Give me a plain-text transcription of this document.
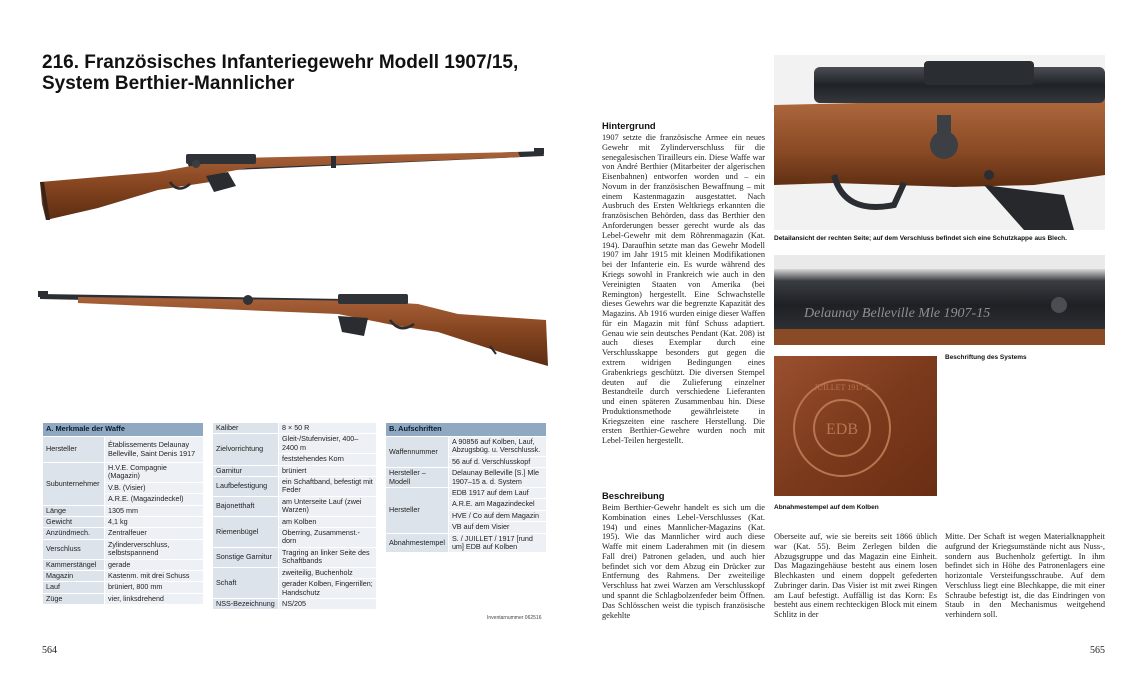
216. Französisches Infanteriegewehr Modell 1907/15, System Berthier-Mannlicher
A. Merkmale der Waffe	
Hersteller	Établissements Delaunay Belleville, Saint Denis 1917
Subunternehmer	H.V.E. Compagnie (Magazin)
	V.B. (Visier)
	A.R.E. (Magazindeckel)
Länge	1305 mm
Gewicht	4,1 kg
Anzündmech.	Zentralfeuer
Verschluss	Zylinderverschluss, selbstspannend
Kammerstängel	gerade
Magazin	Kastenm. mit drei Schuss
Lauf	brüniert, 800 mm
Züge	vier, linksdrehend
Kaliber	8 × 50 R
Zielvorrichtung	Gleit-/Stufenvisier, 400–2400 m
	feststehendes Korn
Garnitur	brüniert
Laufbefestigung	ein Schaftband, befestigt mit Feder
Bajonetthaft	am Unterseite Lauf (zwei Warzen)
Riemenbügel	am Kolben
	Oberring, Zusammenst.-dorn
Sonstige Garnitur	Tragring an linker Seite des Schaftbands
Schaft	zweiteilig, Buchenholz
	gerader Kolben, Fingerrillen; Handschutz
NSS-Bezeichnung	NS/205
B. Aufschriften	
Waffennummer	A 90856 auf Kolben, Lauf, Abzugsbüg. u. Verschlussk.
	56 auf d. Verschlusskopf
Hersteller – Modell	Delaunay Belleville [S.] Mle 1907–15 a. d. System
Hersteller	EDB 1917 auf dem Lauf
	A.R.E. am Magazindeckel
	HVE / Co auf dem Magazin
	VB auf dem Visier
Abnahmestempel	S. / JUILLET / 1917 [rund um] EDB auf Kolben
Inventarnummer 062516
564	565
Hintergrund
1907 setzte die französische Armee ein neues Gewehr mit Zylinderverschluss für die senegalesischen Tirailleurs ein. Diese Waffe war von André Berthier (Mitarbeiter der algerischen Eisenbahnen) entworfen worden und – ein Novum in der französischen Bewaffnung – mit einem Kastenmagazin ausgestattet. Nach Ausbruch des Ersten Weltkriegs erkannten die französischen Behörden, dass das Berthier den Anforderungen besser gerecht wurde als das Lebel-Gewehr mit dem Röhrenmagazin (Kat. 194). Daraufhin setzte man das Gewehr Modell 1907 im Jahr 1915 mit kleinen Modifikationen bei der Infanterie ein. Es wurde während des Kriegs sowohl in Frankreich wie auch in den Vereinigten Staaten von Amerika (bei Remington) hergestellt. Eine Schwachstelle dieses Gewehrs war die begrenzte Kapazität des Magazins. Ab 1916 wurden einige dieser Waffen für ein Magazin mit fünf Schuss adaptiert. Genau wie sein deutsches Pendant (Kat. 208) ist auch dieses Exemplar durch eine Verschlusskappe besonders gut gegen die extrem widrigen Bedingungen eines Grabenkriegs geschützt. Die diversen Stempel deuten auf die Zulieferung einzelner Bestandteile durch verschiedene Lieferanten und einen späteren Zusammenbau hin. Diese Produktionsmethode gewährleistete in Kriegszeiten eine raschere Herstellung. Die ersten Berthier-Gewehre wurden noch mit Lebel-Teilen hergestellt.
Beschreibung
Beim Berthier-Gewehr handelt es sich um die Kombination eines Lebel-Verschlusses (Kat. 194) und eines Mannlicher-Magazins (Kat. 195). Wie das Mannlicher wird auch diese Waffe mit einem Laderahmen mit (in diesem Fall drei) Patronen geladen, und auch hier befindet sich vor dem Abzug ein Drücker zur Entfernung des Rahmens. Der zweiteilige Verschluss hat zwei Warzen am Verschlusskopf und spannt die Schlagbolzenfeder beim Öffnen. Das Schlösschen weist die typisch französische gekehlte
Oberseite auf, wie sie bereits seit 1866 üblich war (Kat. 55). Beim Zerlegen bilden die Abzugsgruppe und das Magazin eine Einheit. Das Magazingehäuse besteht aus einem losen Blechkasten und einem doppelt gefederten Zubringer darin. Das Visier ist mit zwei Ringen am Lauf befestigt. Auffällig ist das Korn: Es besteht aus einem rechteckigen Block mit einem Schlitz in der
Mitte. Der Schaft ist wegen Materialknappheit aufgrund der Kriegsumstände nicht aus Nuss-, sondern aus Buchenholz gefertigt. In ihm befindet sich in Höhe des Patronenlagers eine horizontale Versteifungsschraube. Auf dem Verschluss liegt eine Blechkappe, die mit einer Schraube befestigt ist, die das Eindringen von Staub in den Mechanismus weitgehend verhindern soll.
Detailansicht der rechten Seite; auf dem Verschluss befindet sich eine Schutzkappe aus Blech.
Delaunay Belleville Mle 1907-15
Beschriftung des Systems
EDB
JUILLET 1917 S
Abnahmestempel auf dem Kolben
